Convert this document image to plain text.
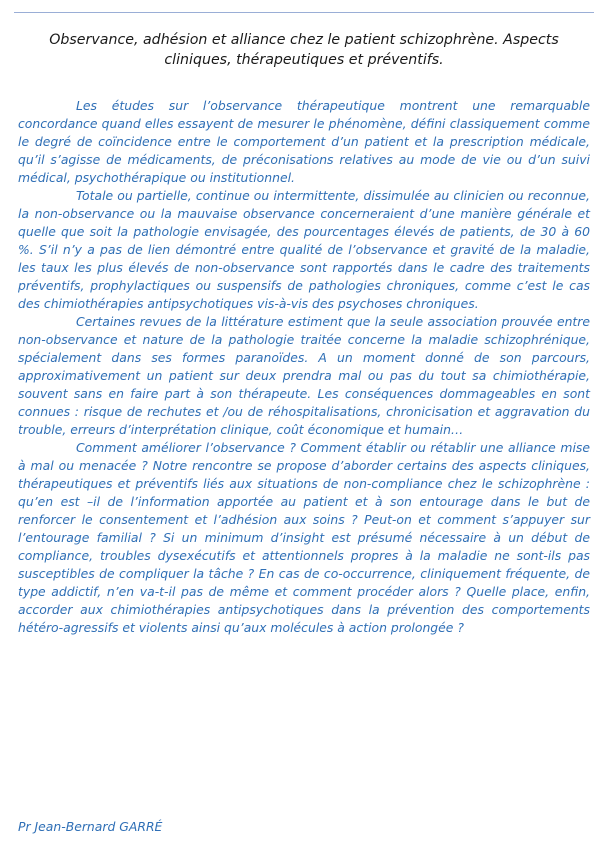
Observance, adhésion et alliance chez le patient schizophrène. Aspects cliniques, thérapeutiques et préventifs.

Les études sur l’observance thérapeutique montrent une remarquable concordance quand elles essayent de mesurer le phénomène, défini classiquement comme le degré de coïncidence entre le comportement d’un patient et la prescription médicale, qu’il s’agisse de médicaments, de préconisations relatives au mode de vie ou d’un suivi médical, psychothérapique ou institutionnel.

Totale ou partielle, continue ou intermittente, dissimulée au clinicien ou reconnue, la non-observance ou la mauvaise observance concerneraient d’une manière générale et quelle que soit la pathologie envisagée, des pourcentages élevés de patients, de 30 à 60 %. S’il n’y a pas de lien démontré entre qualité de l’observance et gravité de la maladie, les taux les plus élevés de non-observance sont rapportés dans le cadre des traitements préventifs, prophylactiques ou suspensifs de pathologies chroniques, comme c’est le cas des chimiothérapies antipsychotiques vis-à-vis des psychoses chroniques.

Certaines revues de la littérature estiment que la seule association prouvée entre non-observance et nature de la pathologie traitée concerne la maladie schizophrénique, spécialement dans ses formes paranoïdes. A un moment donné de son parcours, approximativement un patient sur deux prendra mal ou pas du tout sa chimiothérapie, souvent sans en faire part à son thérapeute. Les conséquences dommageables en sont connues : risque de rechutes et /ou de réhospitalisations, chronicisation et aggravation du trouble, erreurs d’interprétation clinique, coût économique et humain…

Comment améliorer l’observance ? Comment établir ou rétablir une alliance mise à mal ou menacée ? Notre rencontre se propose d’aborder certains des aspects cliniques, thérapeutiques et préventifs liés aux situations de non-compliance chez le schizophrène : qu’en est –il de l’information apportée au patient et à son entourage dans le but de renforcer le consentement et l’adhésion aux soins ? Peut-on et comment s’appuyer sur l’entourage familial ? Si un minimum d’insight est présumé nécessaire à un début de compliance, troubles dysexécutifs et attentionnels propres à la maladie ne sont-ils pas susceptibles de compliquer la tâche ? En cas de co-occurrence, cliniquement fréquente, de type addictif, n’en va-t-il pas de même et comment procéder alors ? Quelle place, enfin, accorder aux chimiothérapies antipsychotiques dans la prévention des comportements hétéro-agressifs et violents ainsi qu’aux molécules à action prolongée ?

Pr Jean-Bernard GARRÉ
